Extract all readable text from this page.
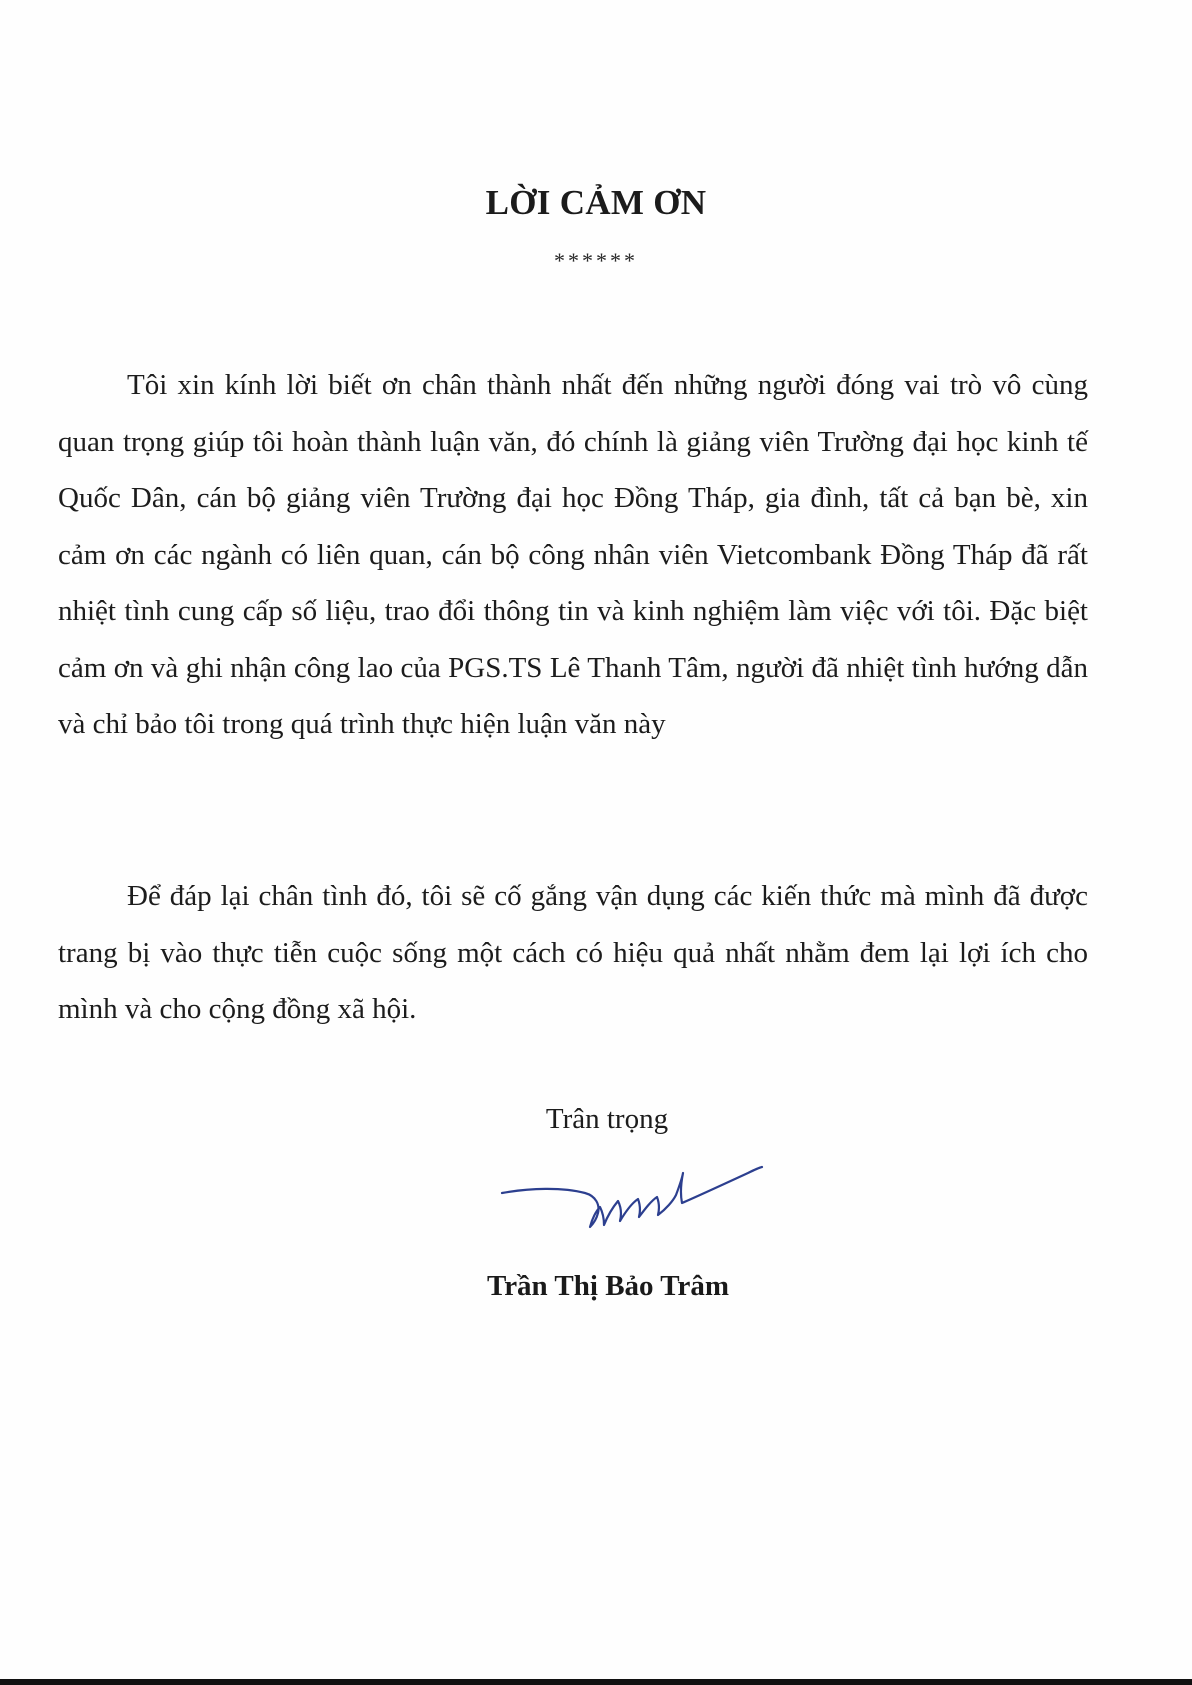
LỜI CẢM ƠN
******

Tôi xin kính lời biết ơn chân thành nhất đến những người đóng vai trò vô cùng quan trọng giúp tôi hoàn thành luận văn, đó chính là giảng viên Trường đại học kinh tế Quốc Dân, cán bộ giảng viên Trường đại học Đồng Tháp, gia đình, tất cả bạn bè, xin cảm ơn các ngành có liên quan, cán bộ công nhân viên Vietcombank Đồng Tháp đã rất nhiệt tình cung cấp số liệu, trao đổi thông tin và kinh nghiệm làm việc với tôi. Đặc biệt cảm ơn và ghi nhận công lao của PGS.TS Lê Thanh Tâm, người đã nhiệt tình hướng dẫn và chỉ bảo tôi trong quá trình thực hiện luận văn này

Để đáp lại chân tình đó, tôi sẽ cố gắng vận dụng các kiến thức mà mình đã được trang bị vào thực tiễn cuộc sống một cách có hiệu quả nhất nhằm đem lại lợi ích cho mình và cho cộng đồng xã hội.

Trân trọng
Trần Thị Bảo Trâm
